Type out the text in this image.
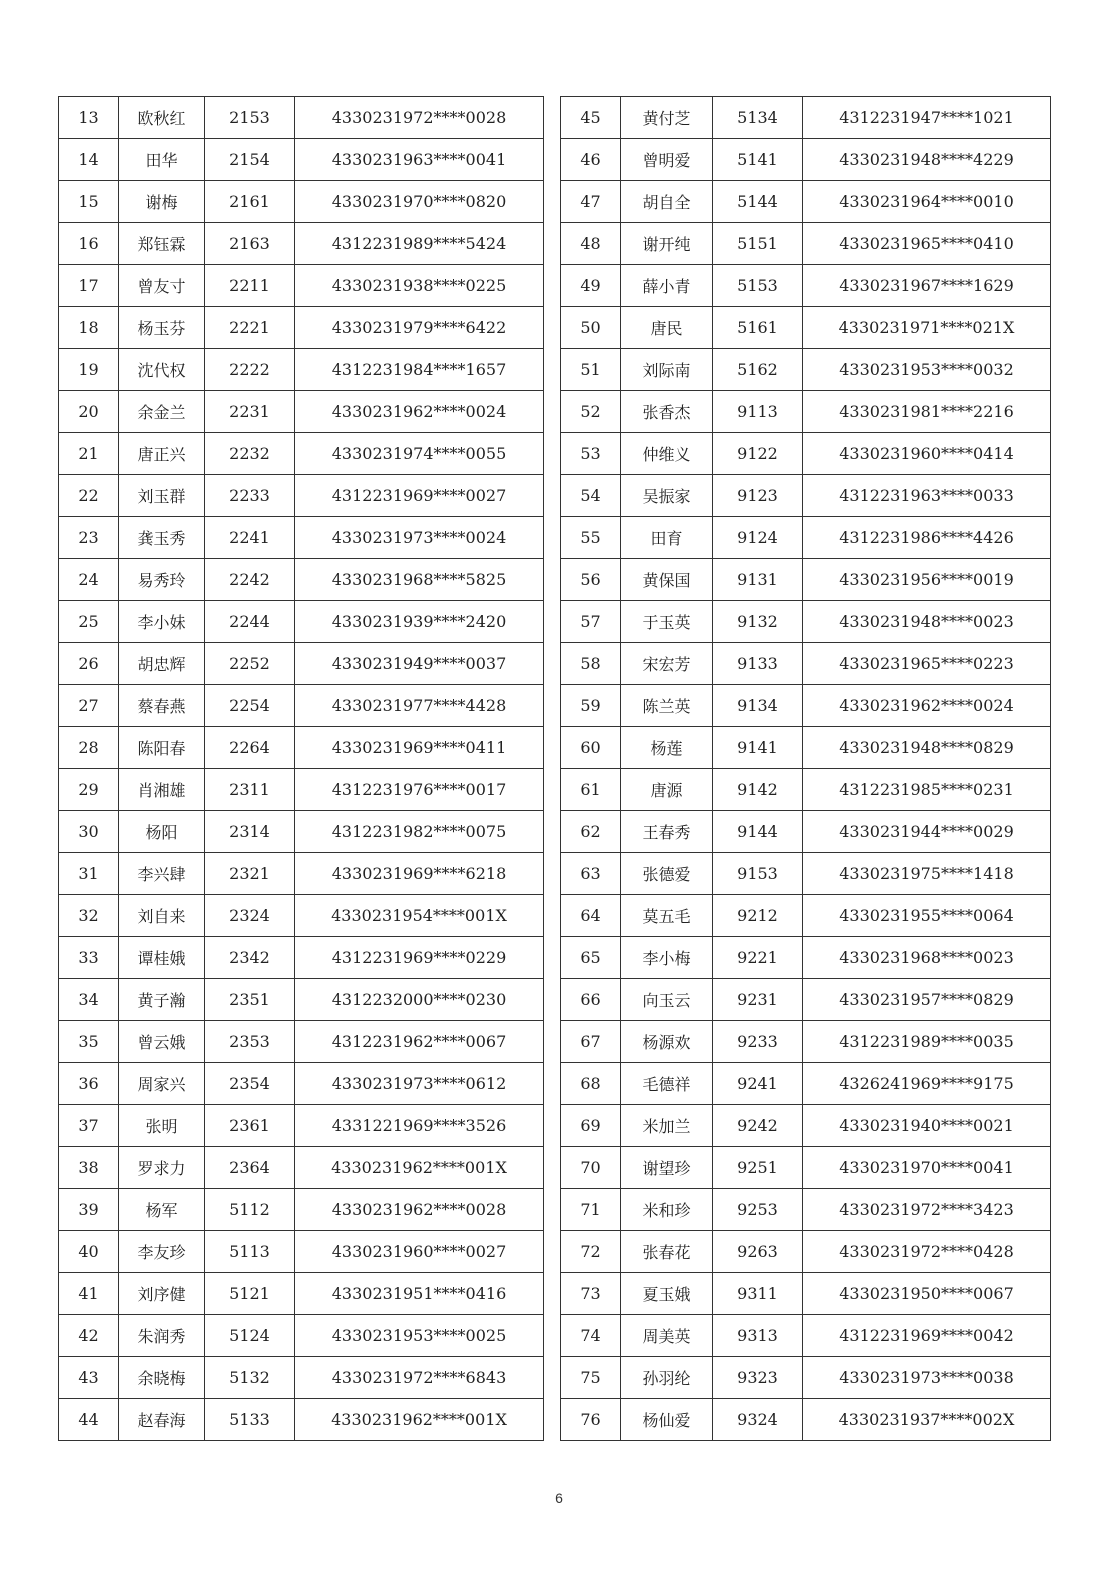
13	欧秋红	2153	4330231972****0028
14	田华	2154	4330231963****0041
15	谢梅	2161	4330231970****0820
16	郑钰霖	2163	4312231989****5424
17	曾友寸	2211	4330231938****0225
18	杨玉芬	2221	4330231979****6422
19	沈代权	2222	4312231984****1657
20	余金兰	2231	4330231962****0024
21	唐正兴	2232	4330231974****0055
22	刘玉群	2233	4312231969****0027
23	龚玉秀	2241	4330231973****0024
24	易秀玲	2242	4330231968****5825
25	李小妹	2244	4330231939****2420
26	胡忠辉	2252	4330231949****0037
27	蔡春燕	2254	4330231977****4428
28	陈阳春	2264	4330231969****0411
29	肖湘雄	2311	4312231976****0017
30	杨阳	2314	4312231982****0075
31	李兴肆	2321	4330231969****6218
32	刘自来	2324	4330231954****001X
33	谭桂娥	2342	4312231969****0229
34	黄子瀚	2351	4312232000****0230
35	曾云娥	2353	4312231962****0067
36	周家兴	2354	4330231973****0612
37	张明	2361	4331221969****3526
38	罗求力	2364	4330231962****001X
39	杨军	5112	4330231962****0028
40	李友珍	5113	4330231960****0027
41	刘序健	5121	4330231951****0416
42	朱润秀	5124	4330231953****0025
43	余晓梅	5132	4330231972****6843
44	赵春海	5133	4330231962****001X
45	黄付芝	5134	4312231947****1021
46	曾明爱	5141	4330231948****4229
47	胡自全	5144	4330231964****0010
48	谢开纯	5151	4330231965****0410
49	薛小青	5153	4330231967****1629
50	唐民	5161	4330231971****021X
51	刘际南	5162	4330231953****0032
52	张香杰	9113	4330231981****2216
53	仲维义	9122	4330231960****0414
54	吴振家	9123	4312231963****0033
55	田育	9124	4312231986****4426
56	黄保国	9131	4330231956****0019
57	于玉英	9132	4330231948****0023
58	宋宏芳	9133	4330231965****0223
59	陈兰英	9134	4330231962****0024
60	杨莲	9141	4330231948****0829
61	唐源	9142	4312231985****0231
62	王春秀	9144	4330231944****0029
63	张德爱	9153	4330231975****1418
64	莫五毛	9212	4330231955****0064
65	李小梅	9221	4330231968****0023
66	向玉云	9231	4330231957****0829
67	杨源欢	9233	4312231989****0035
68	毛德祥	9241	4326241969****9175
69	米加兰	9242	4330231940****0021
70	谢望珍	9251	4330231970****0041
71	米和珍	9253	4330231972****3423
72	张春花	9263	4330231972****0428
73	夏玉娥	9311	4330231950****0067
74	周美英	9313	4312231969****0042
75	孙羽纶	9323	4330231973****0038
76	杨仙爱	9324	4330231937****002X
6
